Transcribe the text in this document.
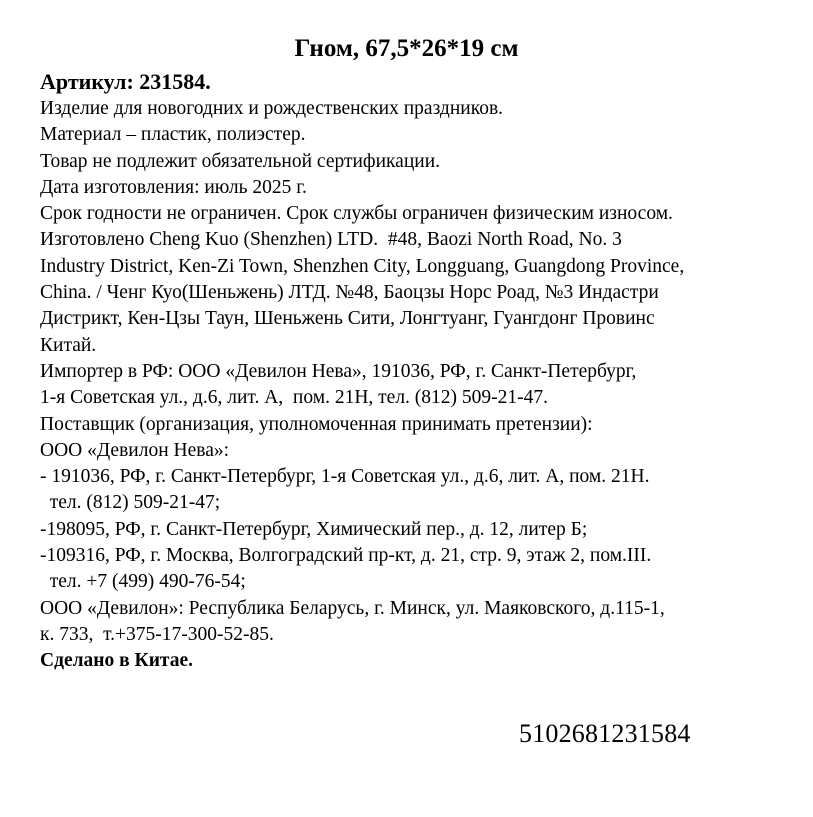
Гном, 67,5*26*19 см
Артикул: 231584.
Изделие для новогодних и рождественских праздников.
Материал – пластик, полиэстер.
Товар не подлежит обязательной сертификации.
Дата изготовления: июль 2025 г.
Срок годности не ограничен. Срок службы ограничен физическим износом.
Изготовлено Cheng Kuo (Shenzhen) LTD.  #48, Baozi North Road, No. 3
Industry District, Ken-Zi Town, Shenzhen City, Longguang, Guangdong Province,
China. / Ченг Куо(Шеньжень) ЛТД. №48, Баоцзы Норс Роад, №3 Индастри
Дистрикт, Кен-Цзы Таун, Шеньжень Сити, Лонгтуанг, Гуангдонг Провинс
Китай.
Импортер в РФ: ООО «Девилон Нева», 191036, РФ, г. Санкт-Петербург,
1-я Советская ул., д.6, лит. А,  пом. 21Н, тел. (812) 509-21-47.
Поставщик (организация, уполномоченная принимать претензии):
ООО «Девилон Нева»:
- 191036, РФ, г. Санкт-Петербург, 1-я Советская ул., д.6, лит. А, пом. 21Н.
тел. (812) 509-21-47;
-198095, РФ, г. Санкт-Петербург, Химический пер., д. 12, литер Б;
-109316, РФ, г. Москва, Волгоградский пр-кт, д. 21, стр. 9, этаж 2, пом.III.
тел. +7 (499) 490-76-54;
ООО «Девилон»: Республика Беларусь, г. Минск, ул. Маяковского, д.115-1,
к. 733,  т.+375-17-300-52-85.
Сделано в Китае.
5102681231584
